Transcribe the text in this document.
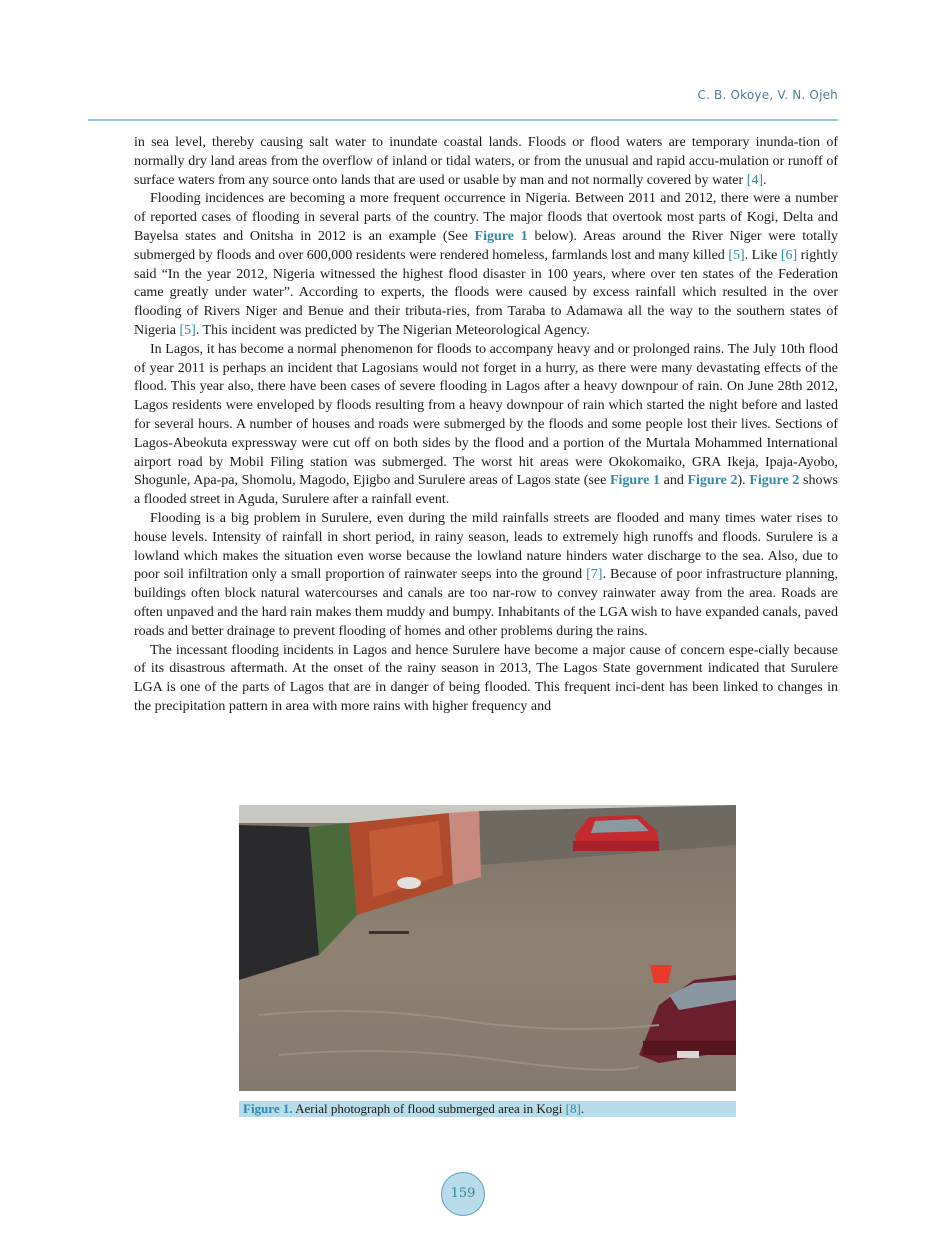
C. B. Okoye, V. N. Ojeh

in sea level, thereby causing salt water to inundate coastal lands. Floods or flood waters are temporary inunda-tion of normally dry land areas from the overflow of inland or tidal waters, or from the unusual and rapid accu-mulation or runoff of surface waters from any source onto lands that are used or usable by man and not normally covered by water [4].

Flooding incidences are becoming a more frequent occurrence in Nigeria. Between 2011 and 2012, there were a number of reported cases of flooding in several parts of the country. The major floods that overtook most parts of Kogi, Delta and Bayelsa states and Onitsha in 2012 is an example (See Figure 1 below). Areas around the River Niger were totally submerged by floods and over 600,000 residents were rendered homeless, farmlands lost and many killed [5]. Like [6] rightly said “In the year 2012, Nigeria witnessed the highest flood disaster in 100 years, where over ten states of the Federation came greatly under water”. According to experts, the floods were caused by excess rainfall which resulted in the over flooding of Rivers Niger and Benue and their tributa-ries, from Taraba to Adamawa all the way to the southern states of Nigeria [5]. This incident was predicted by The Nigerian Meteorological Agency.

In Lagos, it has become a normal phenomenon for floods to accompany heavy and or prolonged rains. The July 10th flood of year 2011 is perhaps an incident that Lagosians would not forget in a hurry, as there were many devastating effects of the flood. This year also, there have been cases of severe flooding in Lagos after a heavy downpour of rain. On June 28th 2012, Lagos residents were enveloped by floods resulting from a heavy downpour of rain which started the night before and lasted for several hours. A number of houses and roads were submerged by the floods and some people lost their lives. Sections of Lagos-Abeokuta expressway were cut off on both sides by the flood and a portion of the Murtala Mohammed International airport road by Mobil Filing station was submerged. The worst hit areas were Okokomaiko, GRA Ikeja, Ipaja-Ayobo, Shogunle, Apa-pa, Shomolu, Magodo, Ejigbo and Surulere areas of Lagos state (see Figure 1 and Figure 2). Figure 2 shows a flooded street in Aguda, Surulere after a rainfall event.

Flooding is a big problem in Surulere, even during the mild rainfalls streets are flooded and many times water rises to house levels. Intensity of rainfall in short period, in rainy season, leads to extremely high runoffs and floods. Surulere is a lowland which makes the situation even worse because the lowland nature hinders water discharge to the sea. Also, due to poor soil infiltration only a small proportion of rainwater seeps into the ground [7]. Because of poor infrastructure planning, buildings often block natural watercourses and canals are too nar-row to convey rainwater away from the area. Roads are often unpaved and the hard rain makes them muddy and bumpy. Inhabitants of the LGA wish to have expanded canals, paved roads and better drainage to prevent flooding of homes and other problems during the rains.

The incessant flooding incidents in Lagos and hence Surulere have become a major cause of concern espe-cially because of its disastrous aftermath. At the onset of the rainy season in 2013, The Lagos State government indicated that Surulere LGA is one of the parts of Lagos that are in danger of being flooded. This frequent inci-dent has been linked to changes in the precipitation pattern in area with more rains with higher frequency and

Figure 1. Aerial photograph of flood submerged area in Kogi [8].
159
